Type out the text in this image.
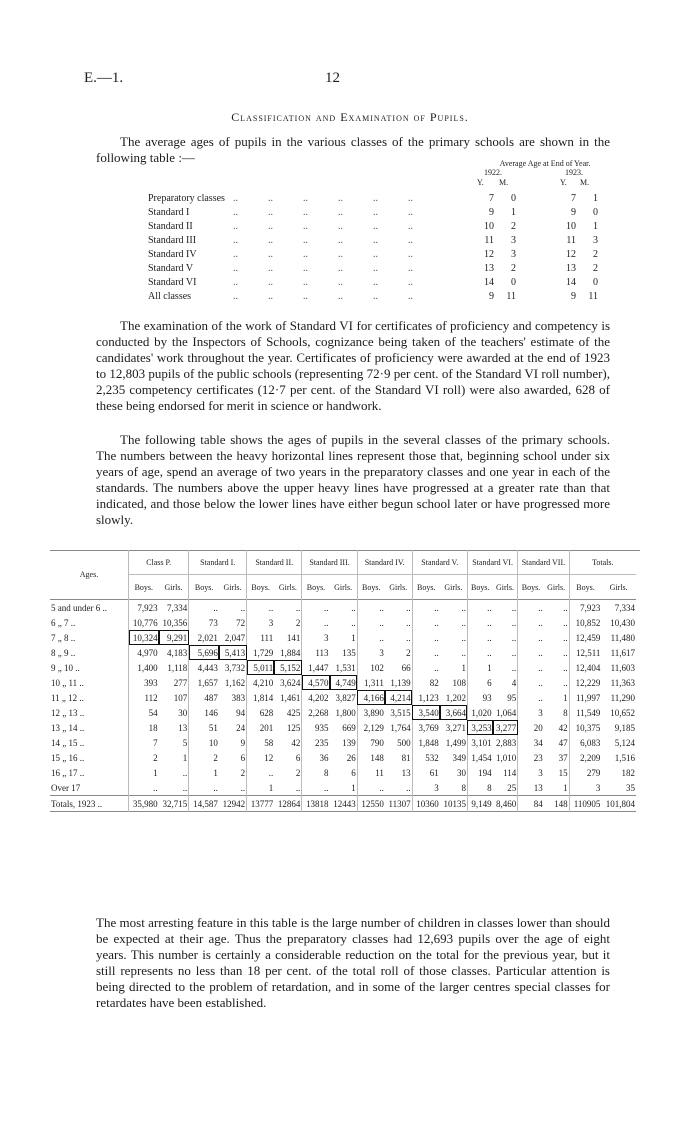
E.—1.	12
Classification and Examination of Pupils.
The average ages of pupils in the various classes of the primary schools are shown in the following table :—	Average Age at End of Year.
1922.	1923.
Y. M.	Y. M.
Preparatory classes ..            ..            ..            ..            ..            ..	7	0	7	1
Standard I	..            ..            ..            ..            ..            ..	9	1	9	0
Standard II	..            ..            ..            ..            ..            ..	10	2	10	1
Standard III	..            ..            ..            ..            ..            ..	11	3	11	3
Standard IV	..            ..            ..            ..            ..            ..	12	3	12	2
Standard V	..            ..            ..            ..            ..            ..	13	2	13	2
Standard VI	..            ..            ..            ..            ..            ..	14	0	14	0
All classes	..            ..            ..            ..            ..            ..	9	11	9	11
The examination of the work of Standard VI for certificates of proficiency and competency is conducted by the Inspectors of Schools, cognizance being taken of the teachers' estimate of the candidates' work throughout the year. Certificates of proficiency were awarded at the end of 1923 to 12,803 pupils of the public schools (representing 72·9 per cent. of the Standard VI roll number), 2,235 competency certificates (12·7 per cent. of the Standard VI roll) were also awarded, 628 of these being endorsed for merit in science or handwork.
The following table shows the ages of pupils in the several classes of the primary schools. The numbers between the heavy horizontal lines represent those that, beginning school under six years of age, spend an average of two years in the preparatory classes and one year in each of the standards. The numbers above the upper heavy lines have progressed at a greater rate than that indicated, and those below the lower lines have either begun school later or have progressed more slowly.
Ages.	Class P.		Standard I.		Standard II.		Standard III.		Standard IV.		Standard V.		Standard VI.		Standard VII.		Totals.	
	Boys.	Girls.	Boys.	Girls.	Boys.	Girls.	Boys.	Girls.	Boys.	Girls.	Boys.	Girls.	Boys.	Girls.	Boys.	Girls.	Boys.	Girls.
5 and under 6 ..	7,923	7,334	..	..	..	..	..	..	..	..	..	..	..	..	..	..	7,923	7,334
6 „ 7 ..	10,776	10,356	73	72	3	2	..	..	..	..	..	..	..	..	..	..	10,852	10,430
7 „ 8 ..	10,324	9,291	2,021	2,047	111	141	3	1	..	..	..	..	..	..	..	..	12,459	11,480
8 „ 9 ..	4,970	4,183	5,696	5,413	1,729	1,884	113	135	3	2	..	..	..	..	..	..	12,511	11,617
9 „ 10 ..	1,400	1,118	4,443	3,732	5,011	5,152	1,447	1,531	102	66	..	1	1	..	..	..	12,404	11,603
10 „ 11 ..	393	277	1,657	1,162	4,210	3,624	4,570	4,749	1,311	1,139	82	108	6	4	..	..	12,229	11,363
11 „ 12 ..	112	107	487	383	1,814	1,461	4,202	3,827	4,166	4,214	1,123	1,202	93	95	..	1	11,997	11,290
12 „ 13 ..	54	30	146	94	628	425	2,268	1,800	3,890	3,515	3,540	3,664	1,020	1,064	3	8	11,549	10,652
13 „ 14 ..	18	13	51	24	201	125	935	669	2,129	1,764	3,769	3,271	3,253	3,277	20	42	10,375	9,185
14 „ 15 ..	7	5	10	9	58	42	235	139	790	500	1,848	1,499	3,101	2,883	34	47	6,083	5,124
15 „ 16 ..	2	1	2	6	12	6	36	26	148	81	532	349	1,454	1,010	23	37	2,209	1,516
16 „ 17 ..	1	..	1	2	..	2	8	6	11	13	61	30	194	114	3	15	279	182
Over 17	..	..	..	..	1	..	..	1	..	..	3	8	8	25	13	1	3	35
Totals, 1923 ..	35,980	32,715	14,587	12942	13777	12864	13818	12443	12550	11307	10360	10135	9,149	8,460	84	148	110905	101,804
The most arresting feature in this table is the large number of children in classes lower than should be expected at their age. Thus the preparatory classes had 12,693 pupils over the age of eight years. This number is certainly a considerable reduction on the total for the previous year, but it still represents no less than 18 per cent. of the total roll of those classes. Particular attention is being directed to the problem of retardation, and in some of the larger centres special classes for retardates have been established.
